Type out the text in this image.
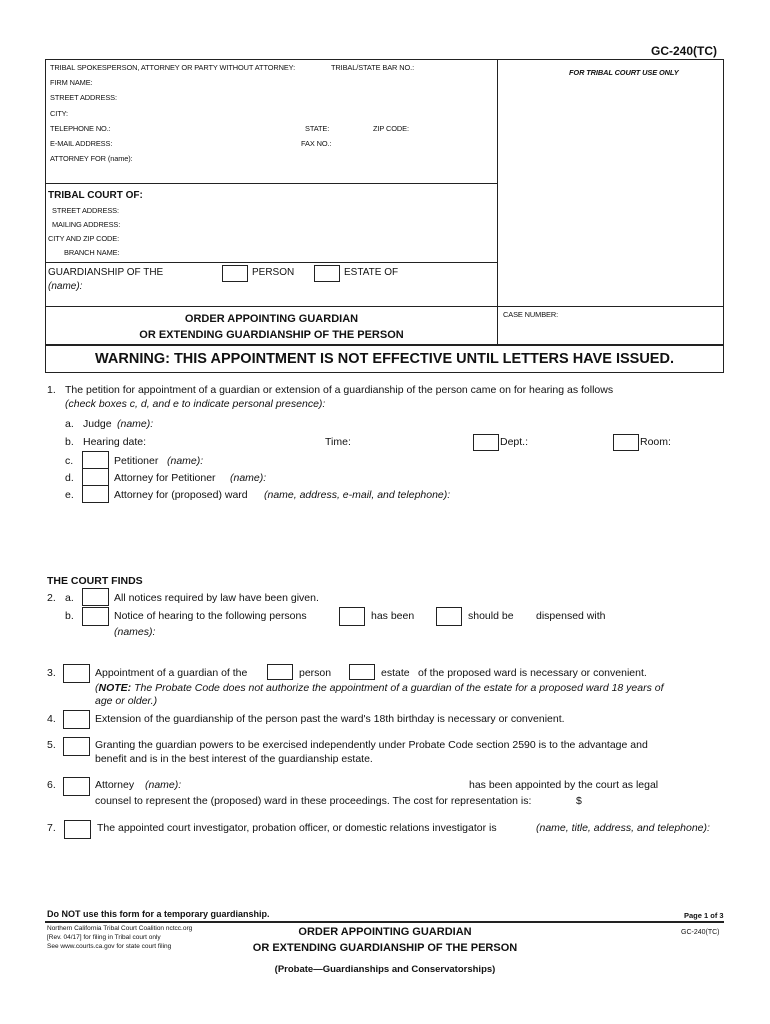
GC-240(TC)
TRIBAL SPOKESPERSON, ATTORNEY OR PARTY WITHOUT ATTORNEY:	TRIBAL/STATE BAR NO.:
FIRM NAME:
STREET ADDRESS:
CITY:
TELEPHONE NO.:	STATE:	ZIP CODE:
E-MAIL ADDRESS:	FAX NO.:
ATTORNEY FOR (name):
FOR TRIBAL COURT USE ONLY
TRIBAL COURT OF:
STREET ADDRESS:
MAILING ADDRESS:
CITY AND ZIP CODE:
BRANCH NAME:
GUARDIANSHIP OF THE	PERSON	ESTATE OF
(name):
ORDER APPOINTING GUARDIAN
OR EXTENDING GUARDIANSHIP OF THE PERSON
CASE NUMBER:
WARNING: THIS APPOINTMENT IS NOT EFFECTIVE UNTIL LETTERS HAVE ISSUED.
1. The petition for appointment of a guardian or extension of a guardianship of the person came on for hearing as follows
(check boxes c, d, and e to indicate personal presence):
a. Judge (name):
b. Hearing date:	Time:	Dept.:	Room:
c.	Petitioner (name):
d.	Attorney for Petitioner (name):
e.	Attorney for (proposed) ward (name, address, e-mail, and telephone):
THE COURT FINDS
2. a.	All notices required by law have been given.
b.	Notice of hearing to the following persons	has been	should be dispensed with
(names):
3.	Appointment of a guardian of the	person	estate of the proposed ward is necessary or convenient.
(NOTE: The Probate Code does not authorize the appointment of a guardian of the estate for a proposed ward 18 years of
age or older.)
4.	Extension of the guardianship of the person past the ward's 18th birthday is necessary or convenient.
5.	Granting the guardian powers to be exercised independently under Probate Code section 2590 is to the advantage and
benefit and is in the best interest of the guardianship estate.
6.	Attorney (name):	has been appointed by the court as legal
counsel to represent the (proposed) ward in these proceedings. The cost for representation is:	$
7.	The appointed court investigator, probation officer, or domestic relations investigator is	(name, title, address, and telephone):
Do NOT use this form for a temporary guardianship.	Page 1 of 3
Northern California Tribal Court Coalition nctcc.org
[Rev. 04/17] for filing in Tribal court only
See www.courts.ca.gov for state court filing
ORDER APPOINTING GUARDIAN
OR EXTENDING GUARDIANSHIP OF THE PERSON
(Probate—Guardianships and Conservatorships)
GC-240(TC)
